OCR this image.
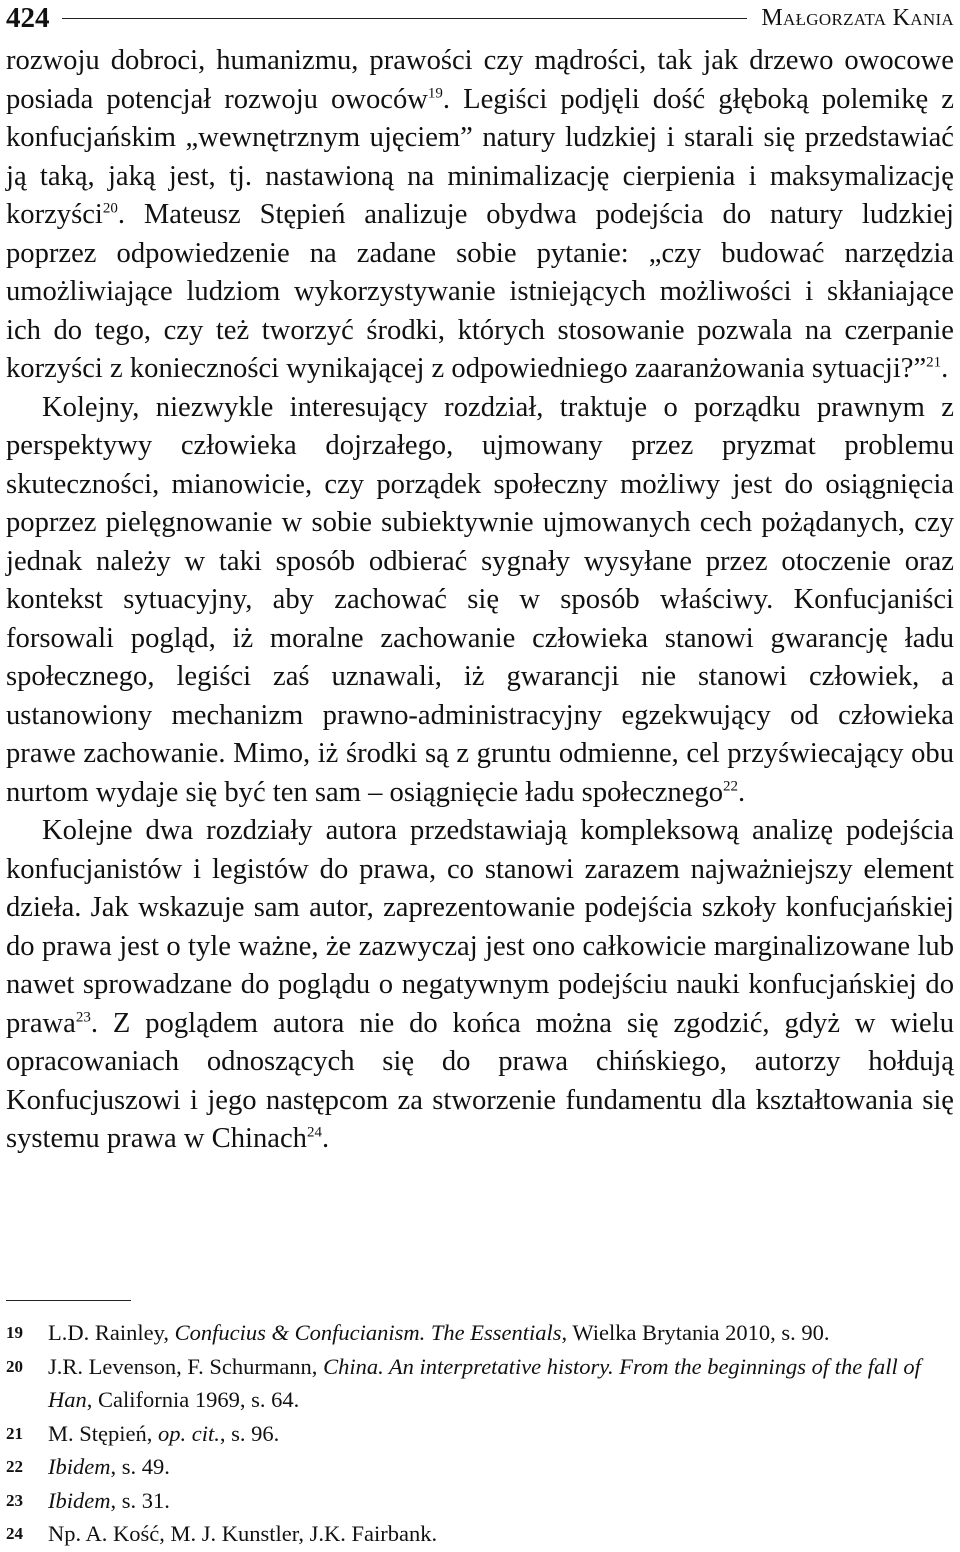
424	Małgorzata Kania

rozwoju dobroci, humanizmu, prawości czy mądrości, tak jak drzewo owocowe posiada potencjał rozwoju owoców$^{19}$. Legiści podjęli dość głęboką polemikę z konfucjańskim „wewnętrznym ujęciem” natury ludzkiej i starali się przedstawiać ją taką, jaką jest, tj. nastawioną na minimalizację cierpienia i maksymalizację korzyści$^{20}$. Mateusz Stępień analizuje obydwa podejścia do natury ludzkiej poprzez odpowiedzenie na zadane sobie pytanie: „czy budować narzędzia umożliwiające ludziom wykorzystywanie istniejących możliwości i skłaniające ich do tego, czy też tworzyć środki, których stosowanie pozwala na czerpanie korzyści z konieczności wynikającej z odpowiedniego zaaranżowania sytuacji?”$^{21}$.

Kolejny, niezwykle interesujący rozdział, traktuje o porządku prawnym z perspektywy człowieka dojrzałego, ujmowany przez pryzmat problemu skuteczności, mianowicie, czy porządek społeczny możliwy jest do osiągnięcia poprzez pielęgnowanie w sobie subiektywnie ujmowanych cech pożądanych, czy jednak należy w taki sposób odbierać sygnały wysyłane przez otoczenie oraz kontekst sytuacyjny, aby zachować się w sposób właściwy. Konfucjaniści forsowali pogląd, iż moralne zachowanie człowieka stanowi gwarancję ładu społecznego, legiści zaś uznawali, iż gwarancji nie stanowi człowiek, a ustanowiony mechanizm prawno-administracyjny egzekwujący od człowieka prawe zachowanie. Mimo, iż środki są z gruntu odmienne, cel przyświecający obu nurtom wydaje się być ten sam – osiągnięcie ładu społecznego$^{22}$.

Kolejne dwa rozdziały autora przedstawiają kompleksową analizę podejścia konfucjanistów i legistów do prawa, co stanowi zarazem najważniejszy element dzieła. Jak wskazuje sam autor, zaprezentowanie podejścia szkoły konfucjańskiej do prawa jest o tyle ważne, że zazwyczaj jest ono całkowicie marginalizowane lub nawet sprowadzane do poglądu o negatywnym podejściu nauki konfucjańskiej do prawa$^{23}$. Z poglądem autora nie do końca można się zgodzić, gdyż w wielu opracowaniach odnoszących się do prawa chińskiego, autorzy hołdują Konfucjuszowi i jego następcom za stworzenie fundamentu dla kształtowania się systemu prawa w Chinach$^{24}$.

19	L.D. Rainley, Confucius & Confucianism. The Essentials, Wielka Brytania 2010, s. 90.
20	J.R. Levenson, F. Schurmann, China. An interpretative history. From the beginnings of the fall of Han, California 1969, s. 64.
21	M. Stępień, op. cit., s. 96.
22	Ibidem, s. 49.
23	Ibidem, s. 31.
24	Np. A. Kość, M. J. Kunstler, J.K. Fairbank.
